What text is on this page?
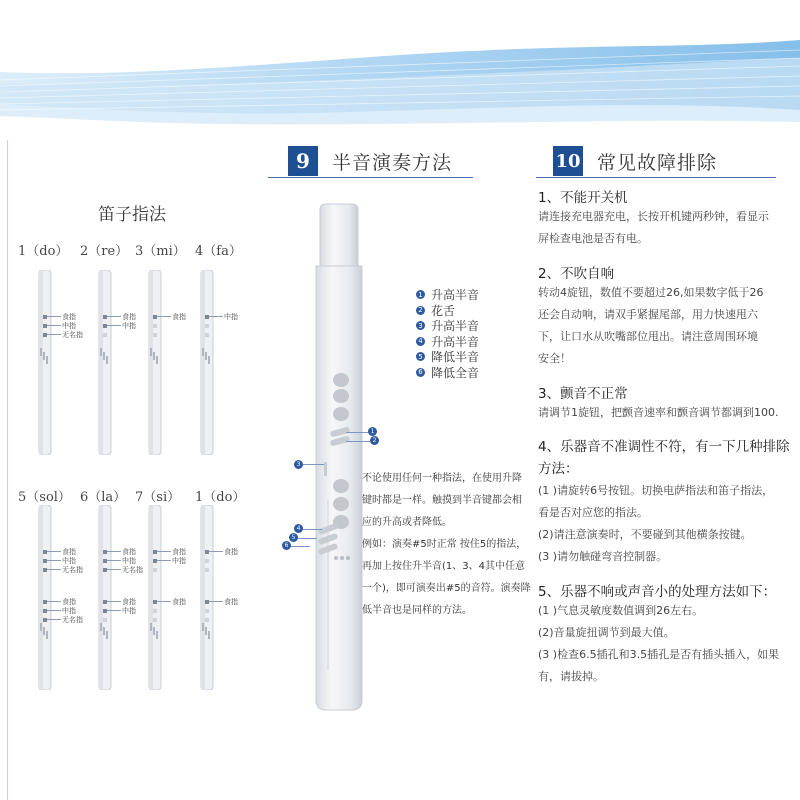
笛子指法
1（do） 2（re） 3（mi） 4（fa）
5（sol） 6（la） 7（si） 1（do）
9	半音演奏方法
1
2
3
4
5
6
1 升高半音
2 花舌
3 升高半音
4 升高半音
5 降低半音
6 降低全音
不论使用任何一种指法，在使用升降
键时都是一样。触摸到半音键都会相
应的升高或者降低。
例如：演奏#5时正常 按住5的指法，
再加上按住升半音(1、3、4其中任意
一个)，即可演奏出#5的音符。演奏降
低半音也是同样的方法。
10 常见故障排除
1、不能开关机

请连接充电器充电，长按开机键两秒钟，看显示

屏检查电池是否有电。

2、不吹自响

转动4旋钮，数值不要超过26,如果数字低于26

还会自动响，请双手紧握尾部，用力快速甩六

下，让口水从吹嘴部位甩出。请注意周围环境

安全！

3、颤音不正常

请调节1旋钮，把颤音速率和颤音调节都调到100.

4、乐器音不准调性不符，有一下几种排除方法：

(1 )请旋转6号按钮。切换电萨指法和笛子指法，

看是否对应您的指法。

(2)请注意演奏时，不要碰到其他横条按键。

(3 )请勿触碰弯音控制器。

5、乐器不响或声音小的处理方法如下：

(1 )气息灵敏度数值调到26左右。

(2)音量旋扭调节到最大值。

(3 )检查6.5插孔和3.5插孔是否有插头插入，如果

有，请拔掉。

食指
中指
无名指
食指
中指
食指	中指
食指
中指
无名指
食指
中指
无名指
食指
中指
无名指
食指
中指
食指
中指
食指
食指
食指
